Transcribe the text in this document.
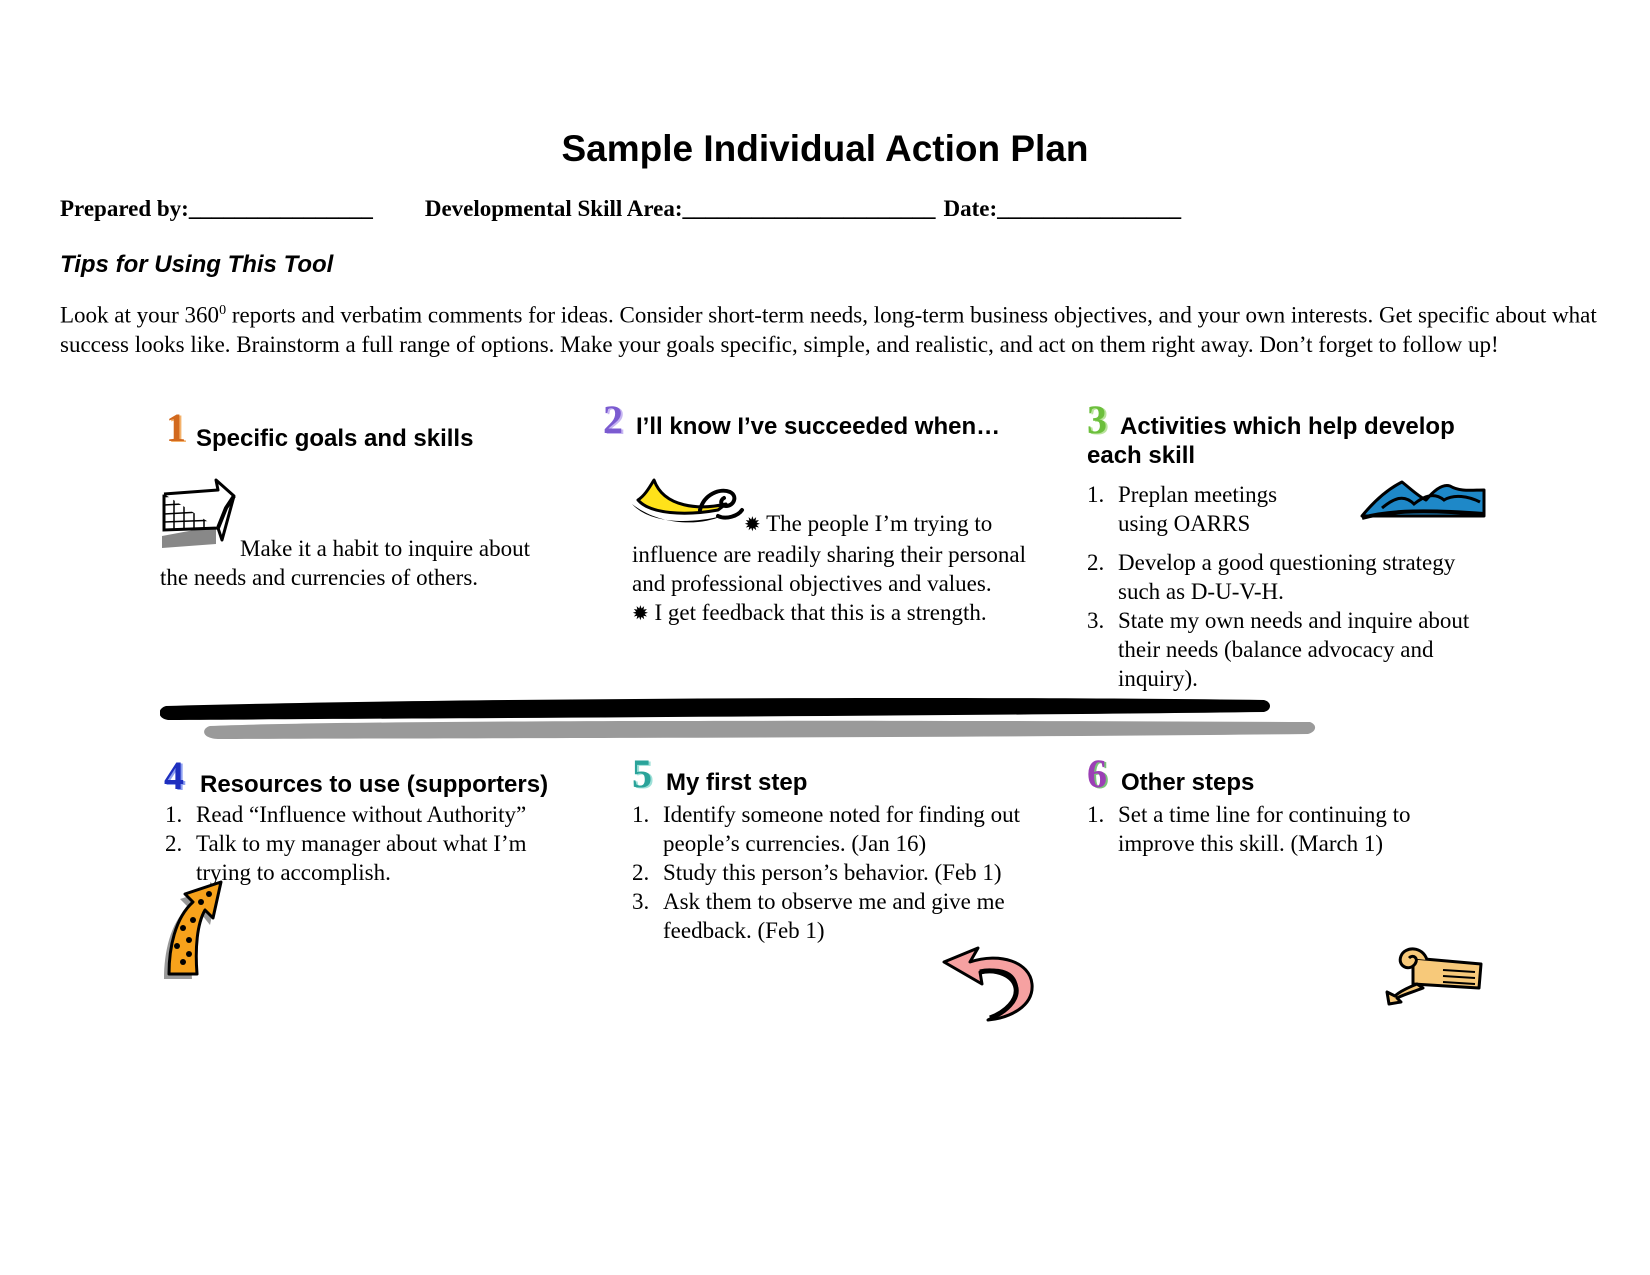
Sample Individual Action Plan
Prepared by:________________ Developmental Skill Area:______________________ Date:________________
Tips for Using This Tool
Look at your $360^0$ reports and verbatim comments for ideas. Consider short-term needs, long-term business objectives, and your own interests. Get specific about what success looks like. Brainstorm a full range of options. Make your goals specific, simple, and realistic, and act on them right away. Don’t forget to follow up!
1 Specific goals and skills
Make it a habit to inquire about the needs and currencies of others.
2 I’ll know I’ve succeeded when…
✹ The people I’m trying to influence are readily sharing their personal and professional objectives and values.
✹ I get feedback that this is a strength.
3 Activities which help develop each skill
1. Preplan meetings using OARRS
2. Develop a good questioning strategy such as D-U-V-H.
3. State my own needs and inquire about their needs (balance advocacy and inquiry).
4 Resources to use (supporters)
1. Read “Influence without Authority”
2. Talk to my manager about what I’m trying to accomplish.
5 My first step
1. Identify someone noted for finding out people’s currencies. (Jan 16)
2. Study this person’s behavior. (Feb 1)
3. Ask them to observe me and give me feedback. (Feb 1)
6 Other steps
1. Set a time line for continuing to improve this skill. (March 1)
